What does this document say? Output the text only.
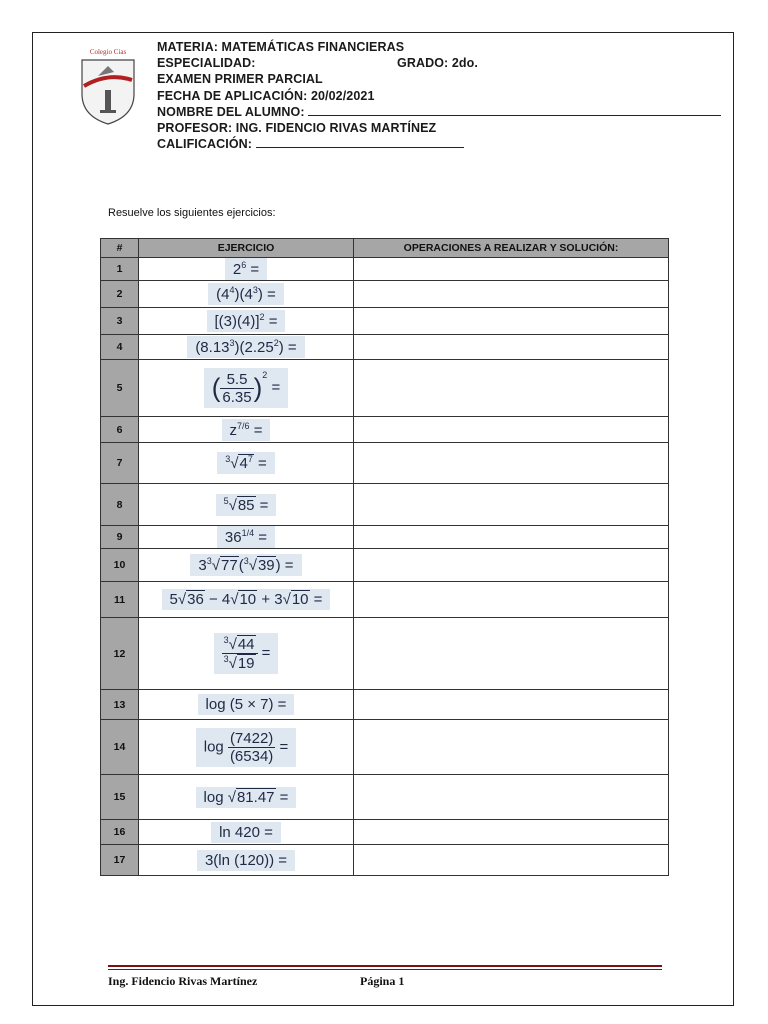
Colegio Cias MATERIA: MATEMÁTICAS FINANCIERAS
ESPECIALIDAD:	GRADO: 2do.
EXAMEN PRIMER PARCIAL
FECHA DE APLICACIÓN: 20/02/2021
NOMBRE DEL ALUMNO:
PROFESOR: ING. FIDENCIO RIVAS MARTÍNEZ
CALIFICACIÓN:
Resuelve los siguientes ejercicios:
#	EJERCICIO	OPERACIONES A REALIZAR Y SOLUCIÓN:
1	$2^6$ =	
2	$(4^4)(4^3)$ =	
3	$[(3)(4)]^2$ =	
4	$(8.13^3)(2.25^2)$ =	
5	( $\frac{5.5}{6.35} )^2$ =	
6	$z^{7/6}$ =	
7	$^3√4^7$ =	
8	$^5$√85 =	
9	$36^{1/4}$ =	
10	$3^3√77(^3√39)$ =	
11	5√36 − 4√10 + 3√10 =	
12	$\frac{^3√44}{^3√19}$ =	
13	log (5 × 7) =	
14	$\log \frac{(7422)}{(6534)}$ =	
15	log √81.47 =	
16	ln 420 =	
17	3(ln (120)) =	
Ing. Fidencio Rivas Martínez	Página 1
